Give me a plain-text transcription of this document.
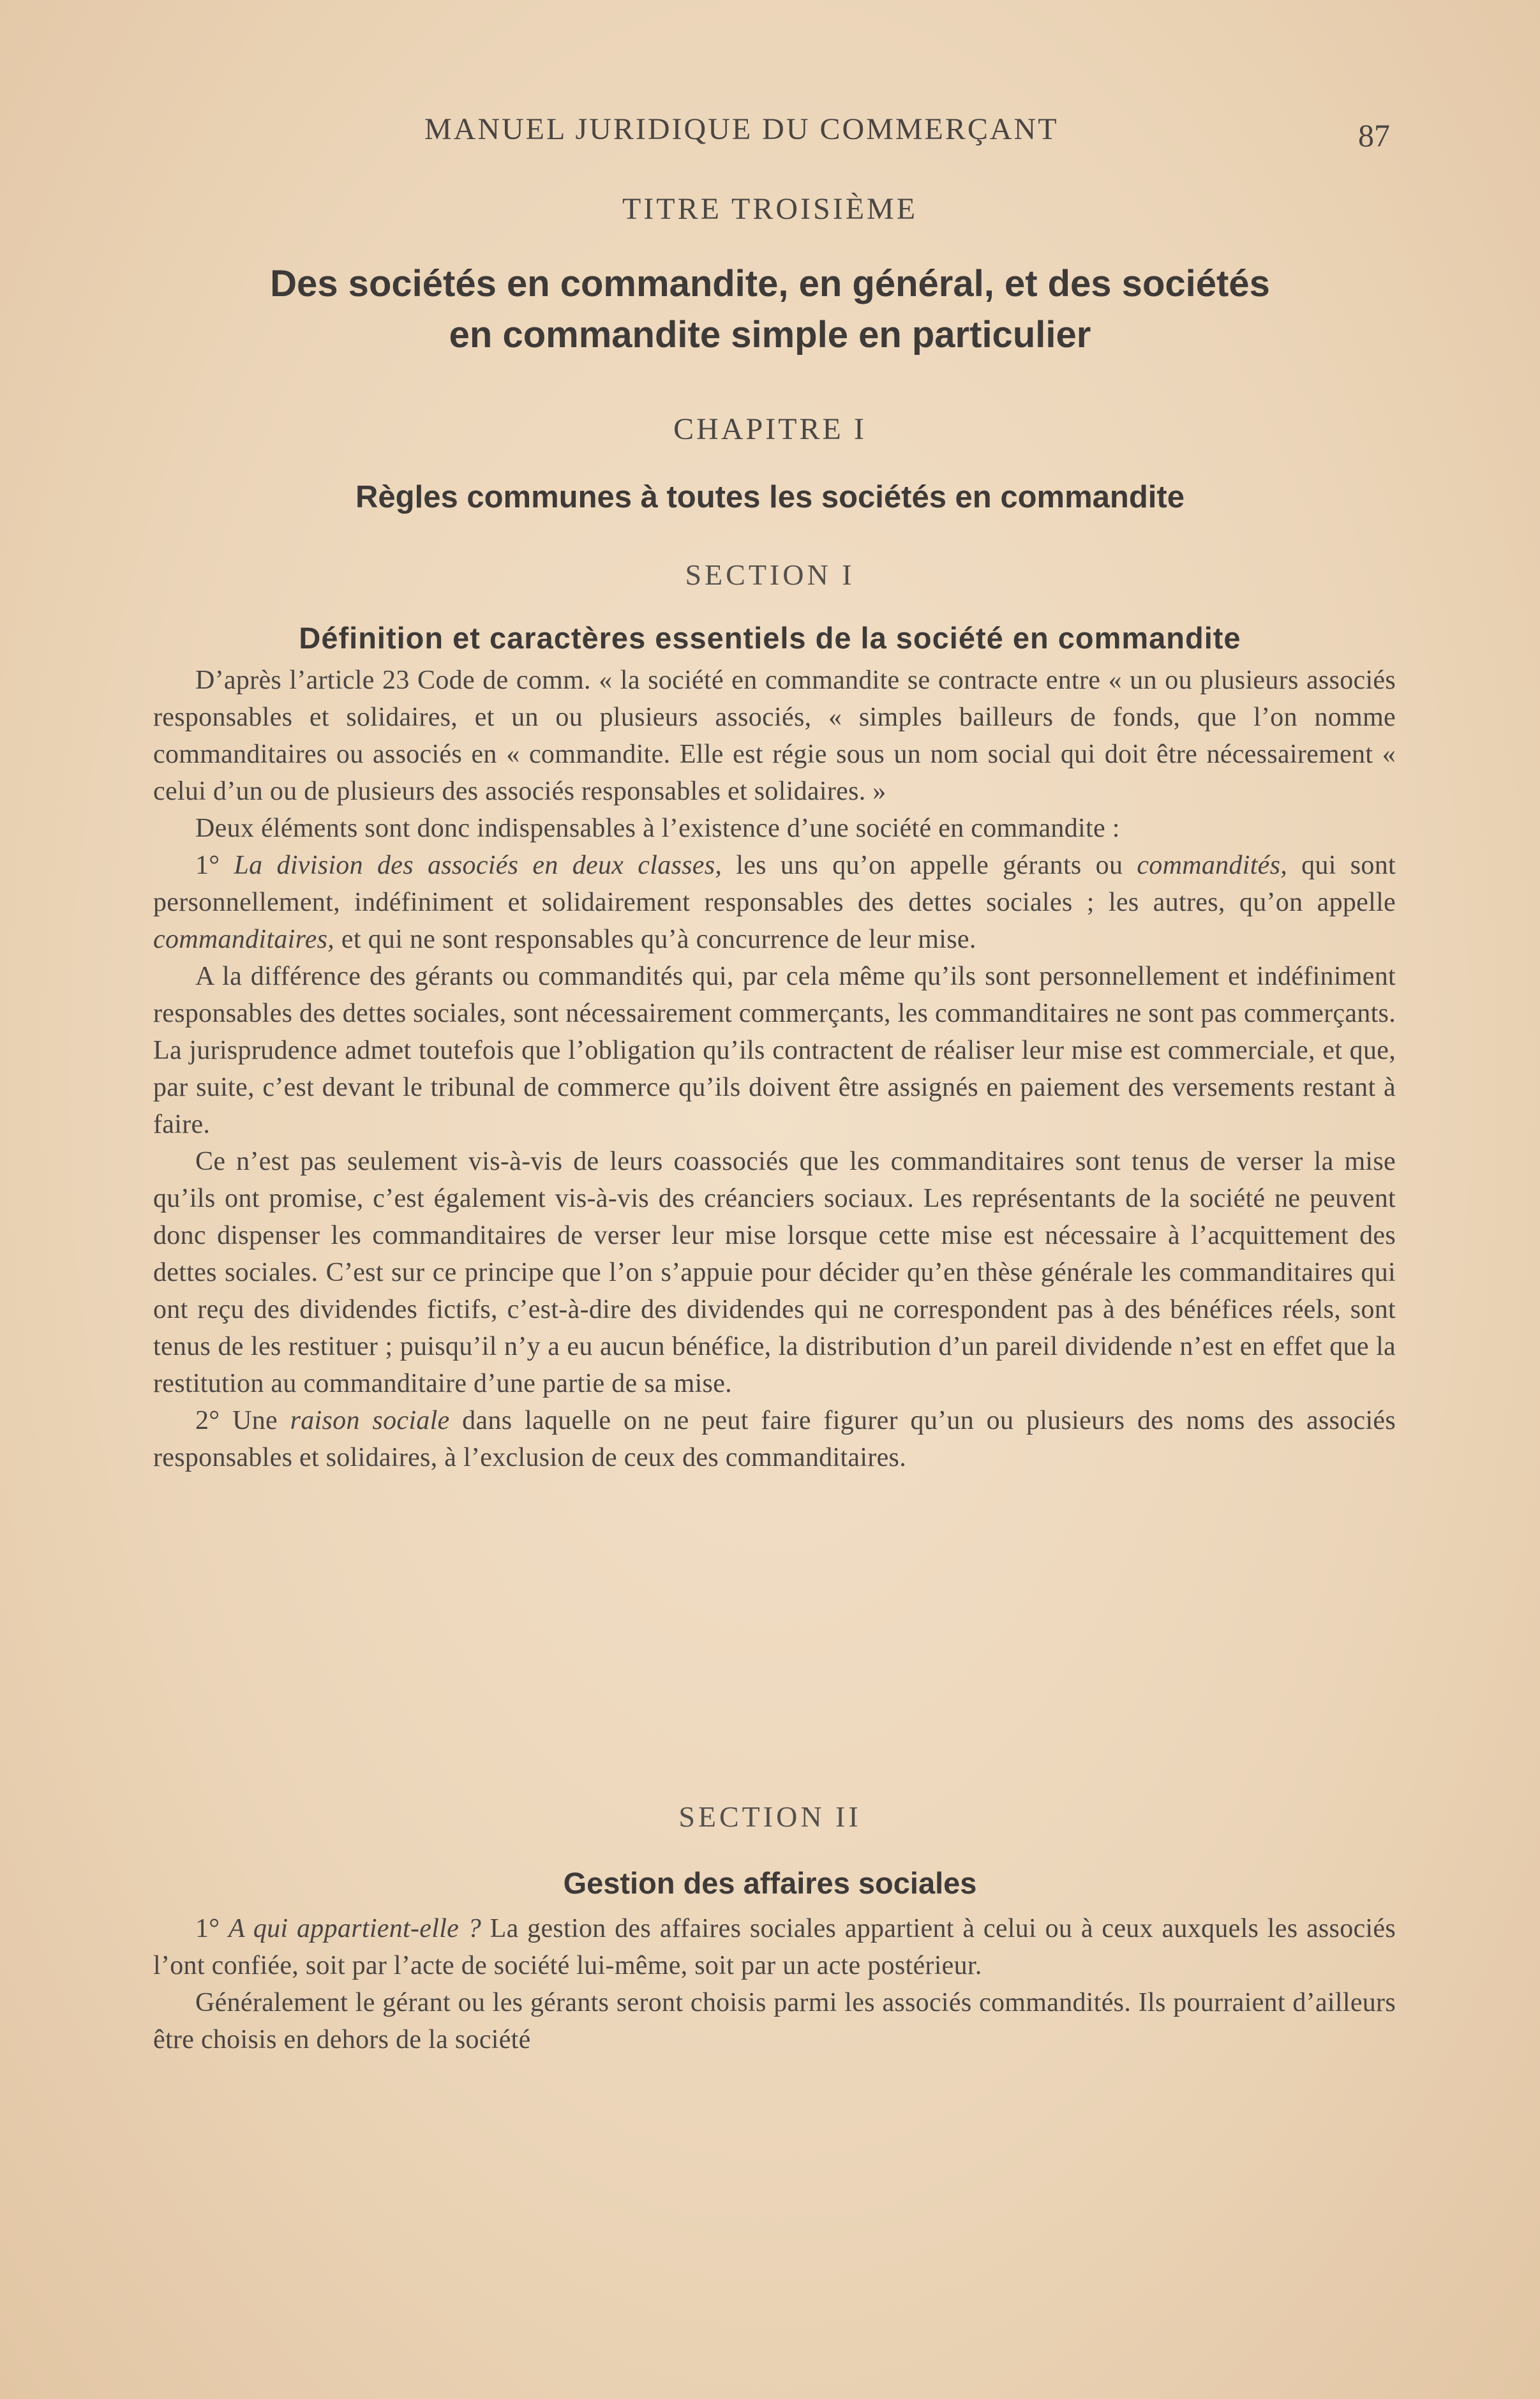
MANUEL JURIDIQUE DU COMMERÇANT	87
TITRE TROISIÈME
Des sociétés en commandite, en général, et des sociétés
en commandite simple en particulier
CHAPITRE I
Règles communes à toutes les sociétés en commandite
SECTION I
Définition et caractères essentiels de la société en commandite

D’après l’article 23 Code de comm. « la société en commandite se contracte entre « un ou plusieurs associés responsables et solidaires, et un ou plusieurs associés, « simples bailleurs de fonds, que l’on nomme commanditaires ou associés en « commandite. Elle est régie sous un nom social qui doit être nécessairement « celui d’un ou de plusieurs des associés responsables et solidaires. »

Deux éléments sont donc indispensables à l’existence d’une société en commandite :

1° La division des associés en deux classes, les uns qu’on appelle gérants ou commandités, qui sont personnellement, indéfiniment et solidairement responsables des dettes sociales ; les autres, qu’on appelle commanditaires, et qui ne sont responsables qu’à concurrence de leur mise.

A la différence des gérants ou commandités qui, par cela même qu’ils sont personnellement et indéfiniment responsables des dettes sociales, sont nécessairement commerçants, les commanditaires ne sont pas commerçants. La jurisprudence admet toutefois que l’obligation qu’ils contractent de réaliser leur mise est commerciale, et que, par suite, c’est devant le tribunal de commerce qu’ils doivent être assignés en paiement des versements restant à faire.

Ce n’est pas seulement vis-à-vis de leurs coassociés que les commanditaires sont tenus de verser la mise qu’ils ont promise, c’est également vis-à-vis des créanciers sociaux. Les représentants de la société ne peuvent donc dispenser les commanditaires de verser leur mise lorsque cette mise est nécessaire à l’acquittement des dettes sociales. C’est sur ce principe que l’on s’appuie pour décider qu’en thèse générale les commanditaires qui ont reçu des dividendes fictifs, c’est-à-dire des dividendes qui ne correspondent pas à des bénéfices réels, sont tenus de les restituer ; puisqu’il n’y a eu aucun bénéfice, la distribution d’un pareil dividende n’est en effet que la restitution au commanditaire d’une partie de sa mise.

2° Une raison sociale dans laquelle on ne peut faire figurer qu’un ou plusieurs des noms des associés responsables et solidaires, à l’exclusion de ceux des commanditaires.

SECTION II
Gestion des affaires sociales

1° A qui appartient-elle ? La gestion des affaires sociales appartient à celui ou à ceux auxquels les associés l’ont confiée, soit par l’acte de société lui-même, soit par un acte postérieur.

Généralement le gérant ou les gérants seront choisis parmi les associés commandités. Ils pourraient d’ailleurs être choisis en dehors de la société
